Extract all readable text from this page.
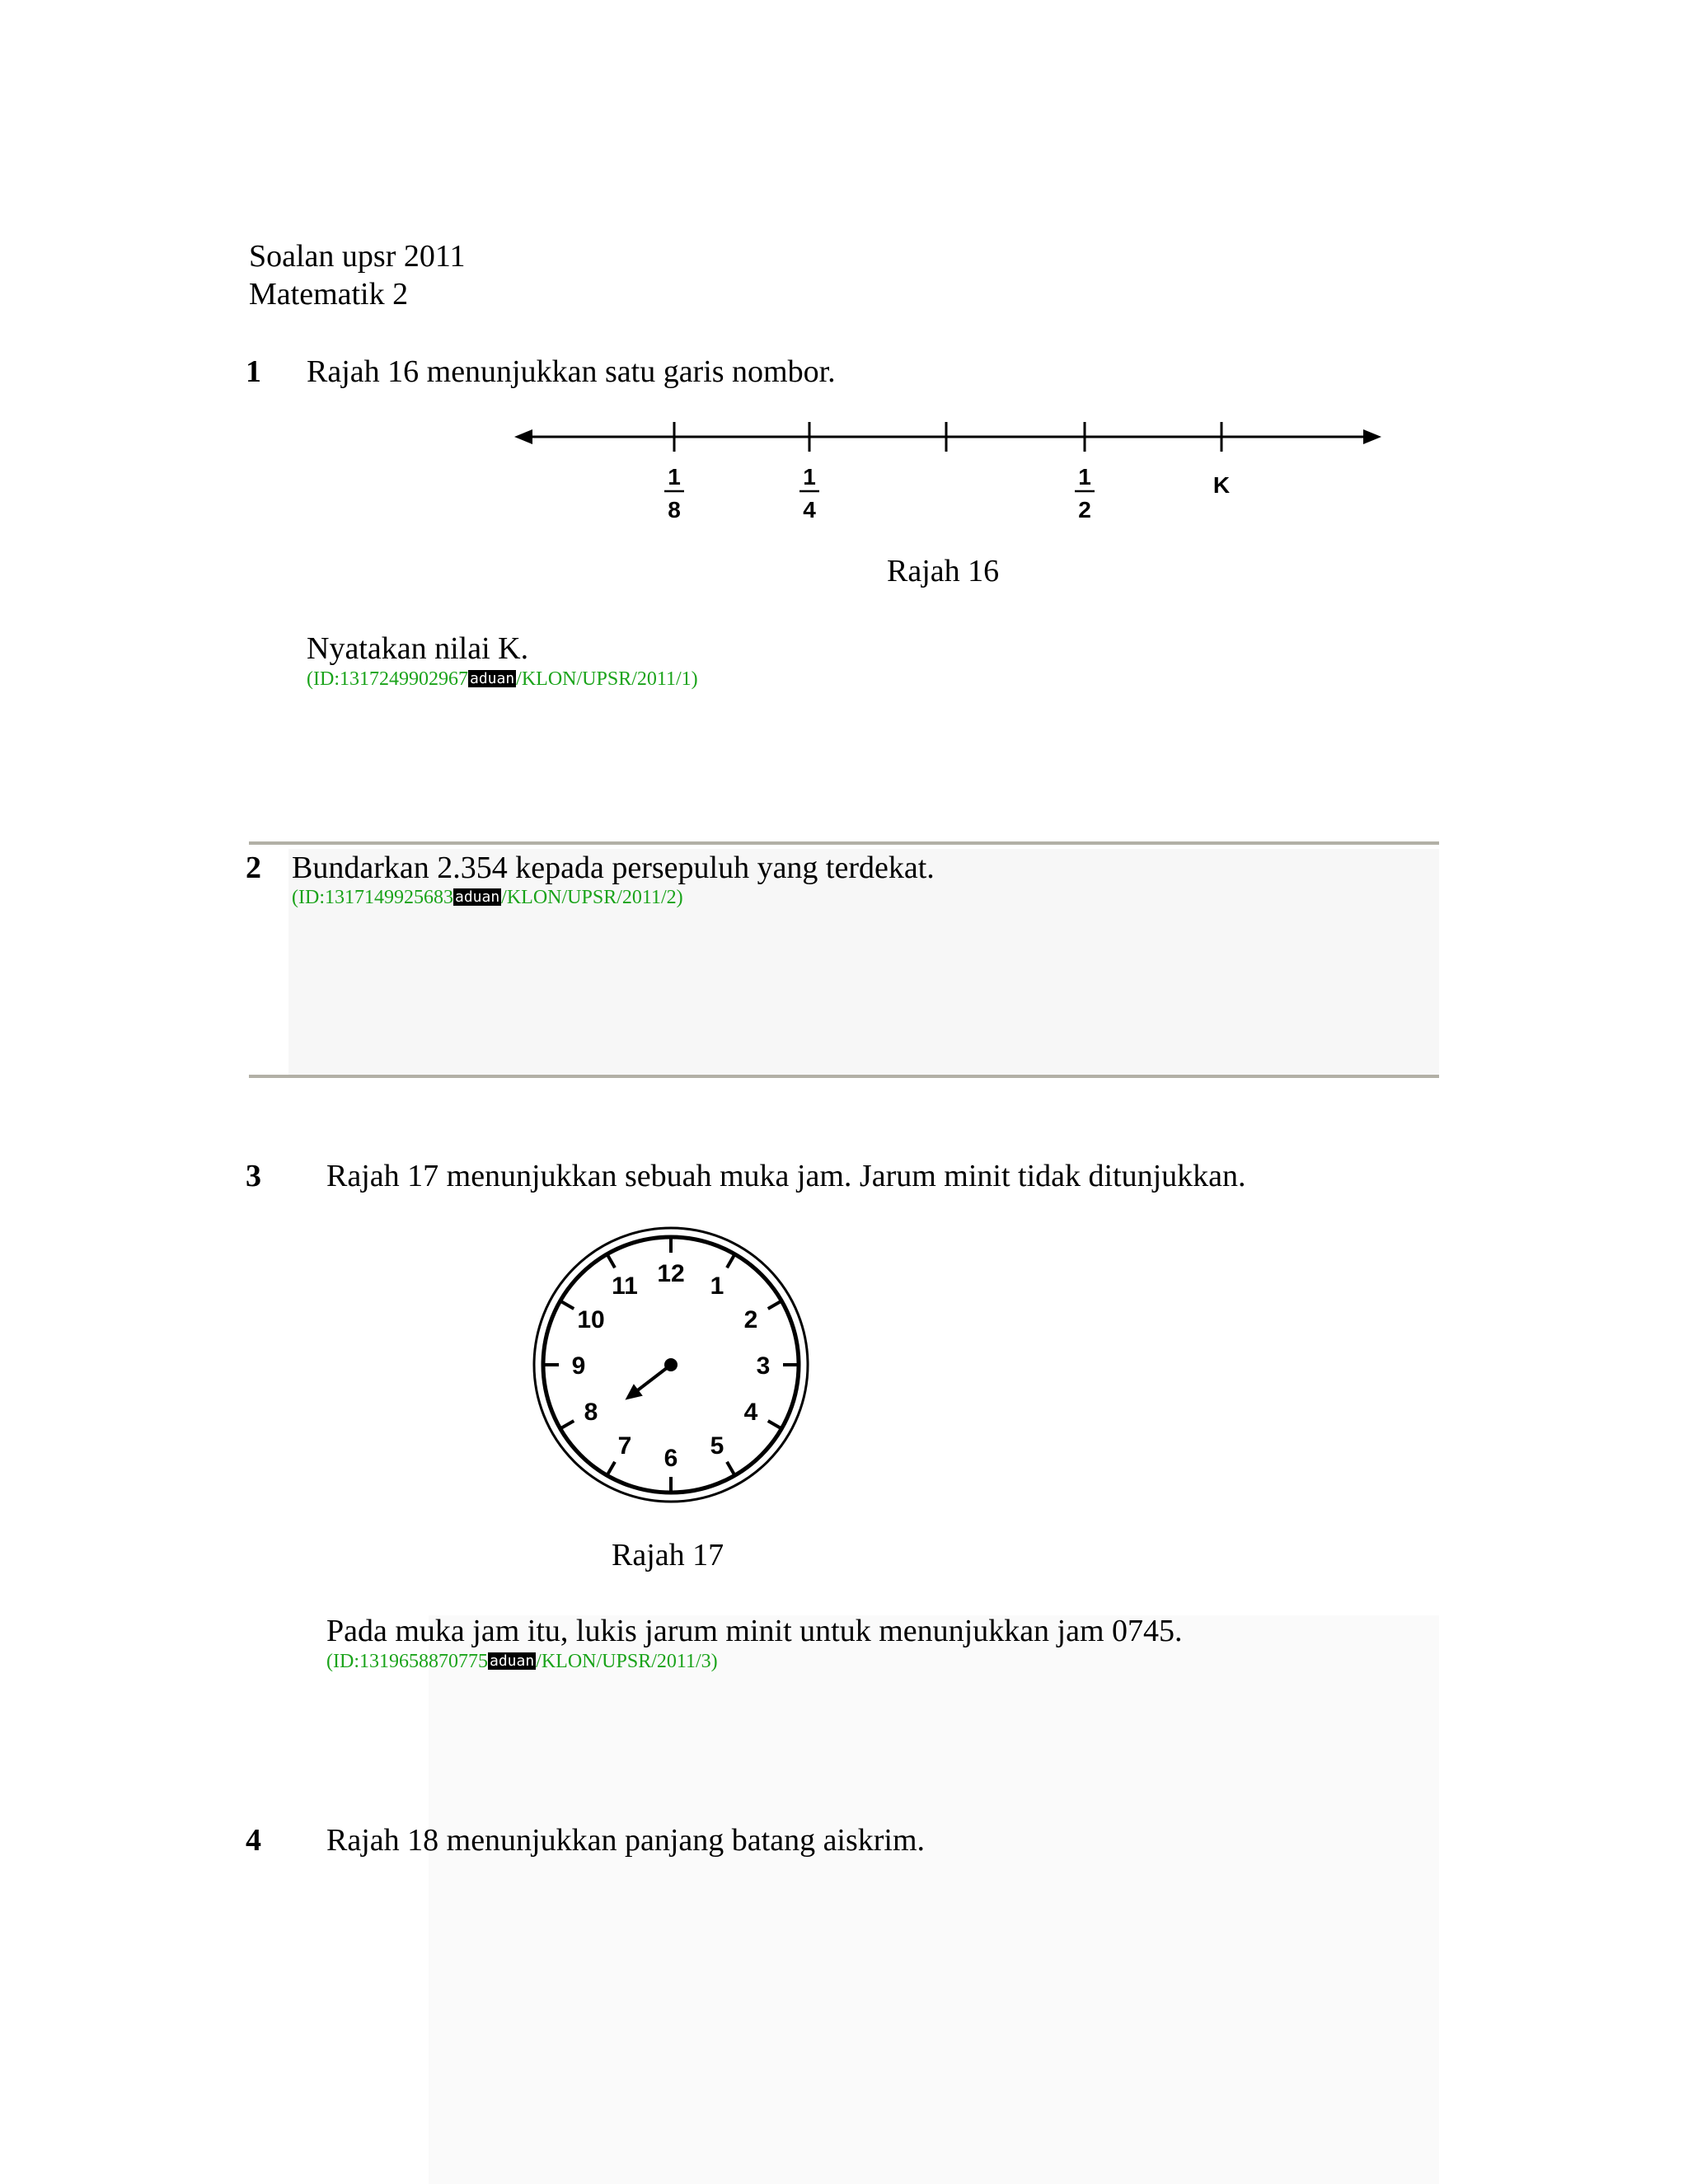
Soalan upsr 2011
Matematik 2
1 Rajah 16 menunjukkan satu garis nombor.
1
8
1
4
1
2
K
Rajah 16
Nyatakan nilai K.
(ID:1317249902967 aduan/KLON/UPSR/2011/1)
2 Bundarkan 2.354 kepada persepuluh yang terdekat.
(ID:1317149925683 aduan/KLON/UPSR/2011/2)
3 Rajah 17 menunjukkan sebuah muka jam. Jarum minit tidak ditunjukkan.
12 1
2
3
4
5
6
7
8
9
10
11
Rajah 17
Pada muka jam itu, lukis jarum minit untuk menunjukkan jam 0745.
(ID:1319658870775 aduan/KLON/UPSR/2011/3)
4 Rajah 18 menunjukkan panjang batang aiskrim.
